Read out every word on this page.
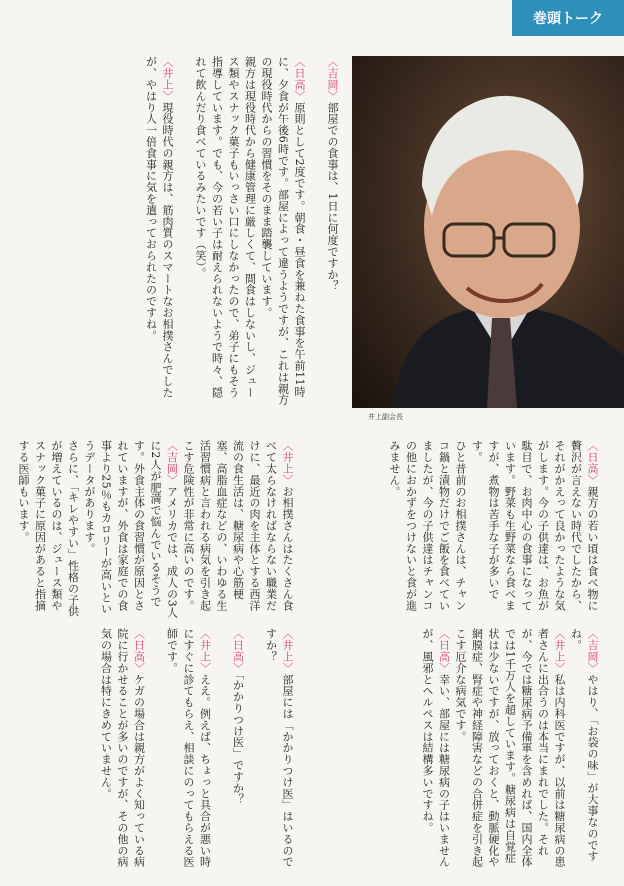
巻頭トーク
井上副会長
〈吉岡〉部屋での食事は、1日に何度ですか？

〈日高〉原則として2度です。朝食・昼食を兼ねた食事を午前11時に、夕食が午後6時です。部屋によって違うようですが、これは親方の現役時代からの習慣をそのまま踏襲しています。
親方は現役時代から健康管理に厳しくて、間食はしないし、ジュース類やスナック菓子もいっさい口にしなかったので、弟子にもそう指導しています。でも、今の若い子は耐えられないようで時々、隠れて飲んだり食べているみたいです（笑）。

〈井上〉現役時代の親方は、筋肉質のスマートなお相撲さんでしたが、やはり人一倍食事に気を遣っておられたのですね。
〈日高〉親方の若い頃は食べ物に贅沢が言えない時代でしたから、それがかえって良かったような気がします。今の子供達は、お魚が駄目で、お肉中心の食事になっています。野菜も生野菜なら食べますが、煮物は苦手な子が多いです。
ひと昔前のお相撲さんは、チャンコ鍋と漬物だけでご飯を食べていましたが、今の子供達はチャンコの他におかずをつけないと食が進みません。
〈井上〉お相撲さんはたくさん食べて太らなければならない職業だけに、最近の肉を主体とする西洋流の食生活は、糖尿病や心筋梗塞、高脂血症などの、いわゆる生活習慣病と言われる病気を引き起こす危険性が非常に高いのです。
〈吉岡〉アメリカでは、成人の3人に2人が肥満で悩んでいるそうです。外食主体の食習慣が原因とされていますが、外食は家庭での食事より25％もカロリーが高いというデータがあります。
さらに、「キレやすい」性格の子供が増えているのは、ジュース類やスナック菓子に原因があると指摘する医師もいます。
〈吉岡〉やはり、「お袋の味」が大事なのですね。
〈井上〉私は内科医ですが、以前は糖尿病の患者さんに出合うのは本当にまれでした。それが、今では糖尿病予備軍を含めれば、国内全体では1千万人を超しています。糖尿病は自覚症状は少ないですが、放っておくと、動脈硬化や網膜症、腎症や神経障害などの合併症を引き起こす厄介な病気です。
〈日高〉幸い、部屋には糖尿病の子はいませんが、風邪とヘルペスは結構多いですね。
〈井上〉部屋には「かかりつけ医」はいるのですか？

〈日高〉「かかりつけ医」ですか？

〈井上〉ええ。例えば、ちょっと具合が悪い時にすぐに診てもらえ、相談にのってもらえる医師です。

〈日高〉ケガの場合は親方がよく知っている病院に行かせることが多いのですが、その他の病気の場合は特にきめていません。
